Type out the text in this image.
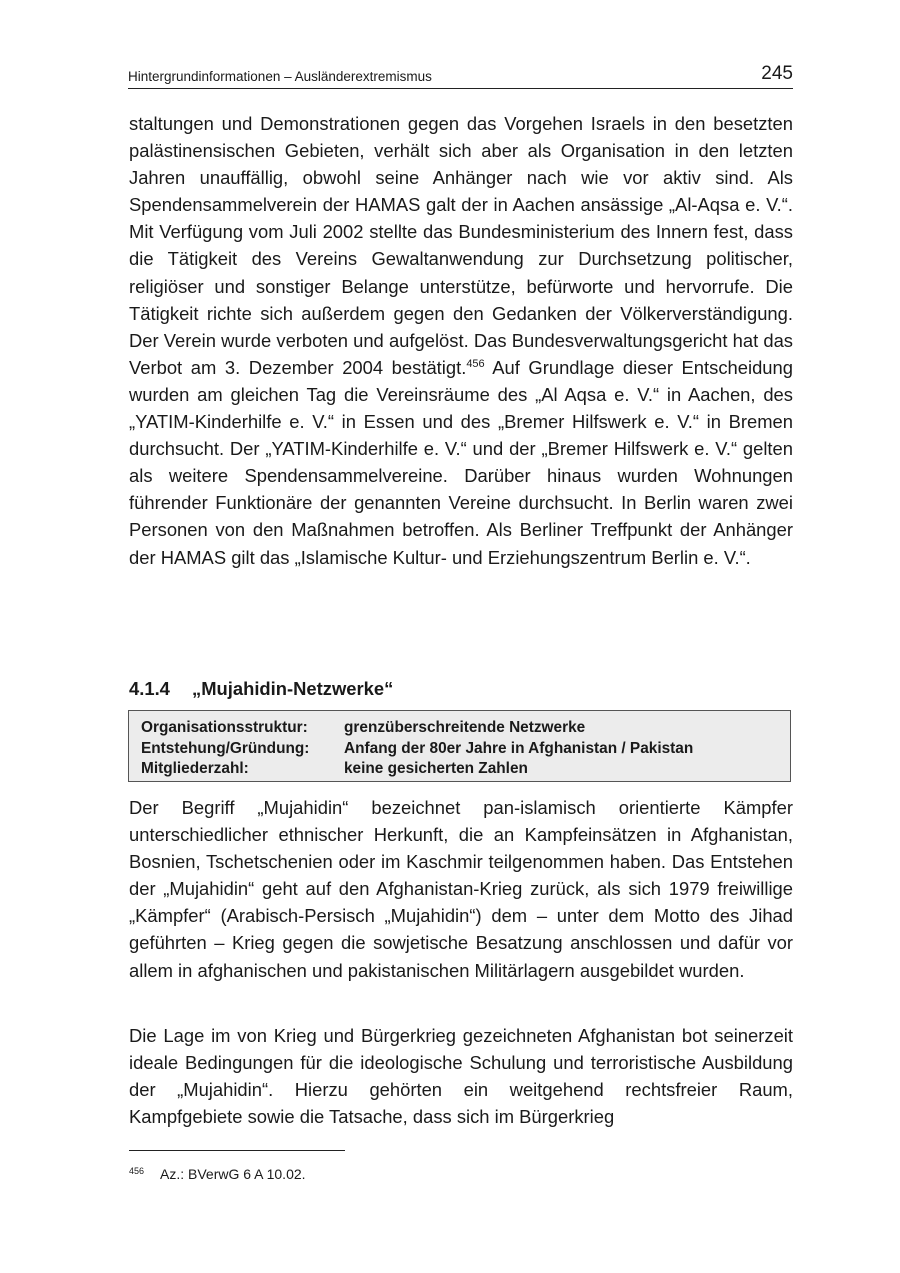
Hintergrundinformationen – Ausländerextremismus	245

staltungen und Demonstrationen gegen das Vorgehen Israels in den besetzten palästinensischen Gebieten, verhält sich aber als Organisation in den letzten Jahren unauffällig, obwohl seine Anhänger nach wie vor aktiv sind. Als Spendensammelverein der HAMAS galt der in Aachen ansässige „Al-Aqsa e. V.“. Mit Verfügung vom Juli 2002 stellte das Bundesministerium des Innern fest, dass die Tätigkeit des Vereins Gewaltanwendung zur Durchsetzung politischer, religiöser und sonstiger Belange unterstütze, befürworte und hervorrufe. Die Tätigkeit richte sich außerdem gegen den Gedanken der Völkerverständigung. Der Verein wurde verboten und aufgelöst. Das Bundesverwaltungsgericht hat das Verbot am 3. Dezember 2004 bestätigt.$^{456}$ Auf Grundlage dieser Entscheidung wurden am gleichen Tag die Vereinsräume des „Al Aqsa e. V.“ in Aachen, des „YATIM-Kinderhilfe e. V.“ in Essen und des „Bremer Hilfswerk e. V.“ in Bremen durchsucht. Der „YATIM-Kinderhilfe e. V.“ und der „Bremer Hilfswerk e. V.“ gelten als weitere Spendensammelvereine. Darüber hinaus wurden Wohnungen führender Funktionäre der genannten Vereine durchsucht. In Berlin waren zwei Personen von den Maßnahmen betroffen. Als Berliner Treffpunkt der Anhänger der HAMAS gilt das „Islamische Kultur- und Erziehungszentrum Berlin e. V.“.

4.1.4 „Mujahidin-Netzwerke“
Organisationsstruktur: grenzüberschreitende Netzwerke
Entstehung/Gründung: Anfang der 80er Jahre in Afghanistan / Pakistan
Mitgliederzahl:	keine gesicherten Zahlen

Der Begriff „Mujahidin“ bezeichnet pan-islamisch orientierte Kämpfer unterschiedlicher ethnischer Herkunft, die an Kampfeinsätzen in Afghanistan, Bosnien, Tschetschenien oder im Kaschmir teilgenommen haben. Das Entstehen der „Mujahidin“ geht auf den Afghanistan-Krieg zurück, als sich 1979 freiwillige „Kämpfer“ (Arabisch-Persisch „Mujahidin“) dem – unter dem Motto des Jihad geführten – Krieg gegen die sowjetische Besatzung anschlossen und dafür vor allem in afghanischen und pakistanischen Militärlagern ausgebildet wurden.

Die Lage im von Krieg und Bürgerkrieg gezeichneten Afghanistan bot seinerzeit ideale Bedingungen für die ideologische Schulung und terroristische Ausbildung der „Mujahidin“. Hierzu gehörten ein weitgehend rechtsfreier Raum, Kampfgebiete sowie die Tatsache, dass sich im Bürgerkrieg

456 Az.: BVerwG 6 A 10.02.
